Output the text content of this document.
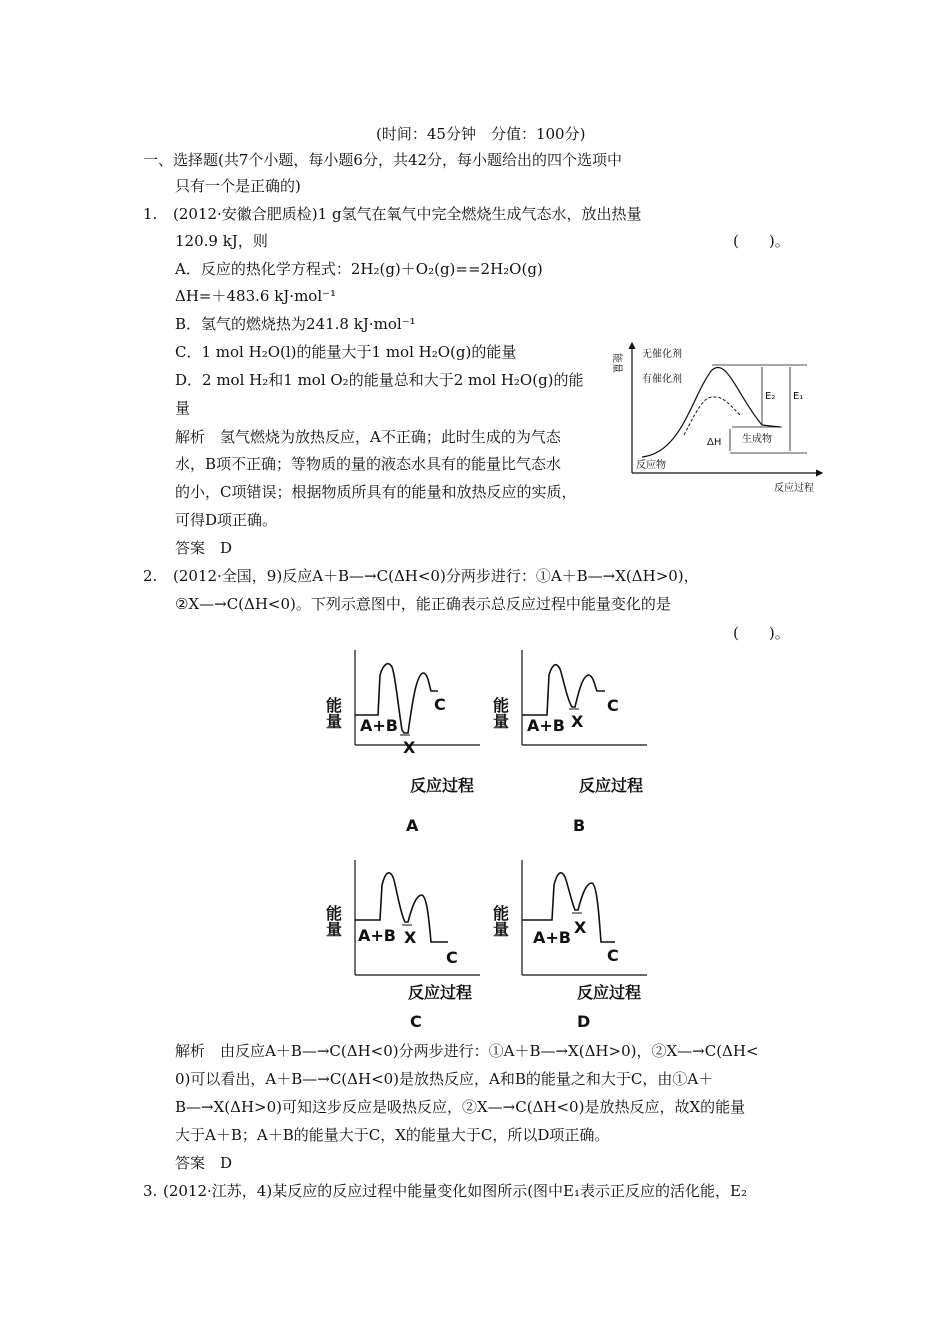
(时间：45分钟　分值：100分)
一、选择题(共7个小题，每小题6分，共42分，每小题给出的四个选项中
只有一个是正确的)
1. (2012·安徽合肥质检)1 g氢气在氧气中完全燃烧生成气态水，放出热量
120.9 kJ，则	(　　)。
A．反应的热化学方程式：2H₂(g)＋O₂(g)==2H₂O(g)
ΔH=＋483.6 kJ·mol⁻¹
B．氢气的燃烧热为241.8 kJ·mol⁻¹
C．1 mol H₂O(l)的能量大于1 mol H₂O(g)的能量
D．2 mol H₂和1 mol O₂的能量总和大于2 mol H₂O(g)的能
量
解析　氢气燃烧为放热反应，A不正确；此时生成的为气态
水，B项不正确；等物质的量的液态水具有的能量比气态水
的小，C项错误；根据物质所具有的能量和放热反应的实质，
可得D项正确。
答案　D
能量 无催化剂
有催化剂
E₂ E₁
ΔH 生成物
反应物
反应过程
2. (2012·全国，9)反应A＋B—→C(ΔH<0)分两步进行：①A＋B—→X(ΔH>0)，
②X—→C(ΔH<0)。下列示意图中，能正确表示总反应过程中能量变化的是
(　　)。
能量 A+B
X
C
反应过程
A
能量 A+B X
C
反应过程
B
能量 A+B X
C
反应过程
C
能量
A+B
X
C
反应过程
D
解析　由反应A＋B—→C(ΔH<0)分两步进行：①A＋B—→X(ΔH>0)，②X—→C(ΔH<
0)可以看出，A＋B—→C(ΔH<0)是放热反应，A和B的能量之和大于C，由①A＋
B—→X(ΔH>0)可知这步反应是吸热反应，②X—→C(ΔH<0)是放热反应，故X的能量
大于A＋B；A＋B的能量大于C，X的能量大于C，所以D项正确。
答案　D
3. (2012·江苏，4)某反应的反应过程中能量变化如图所示(图中E₁表示正反应的活化能，E₂
